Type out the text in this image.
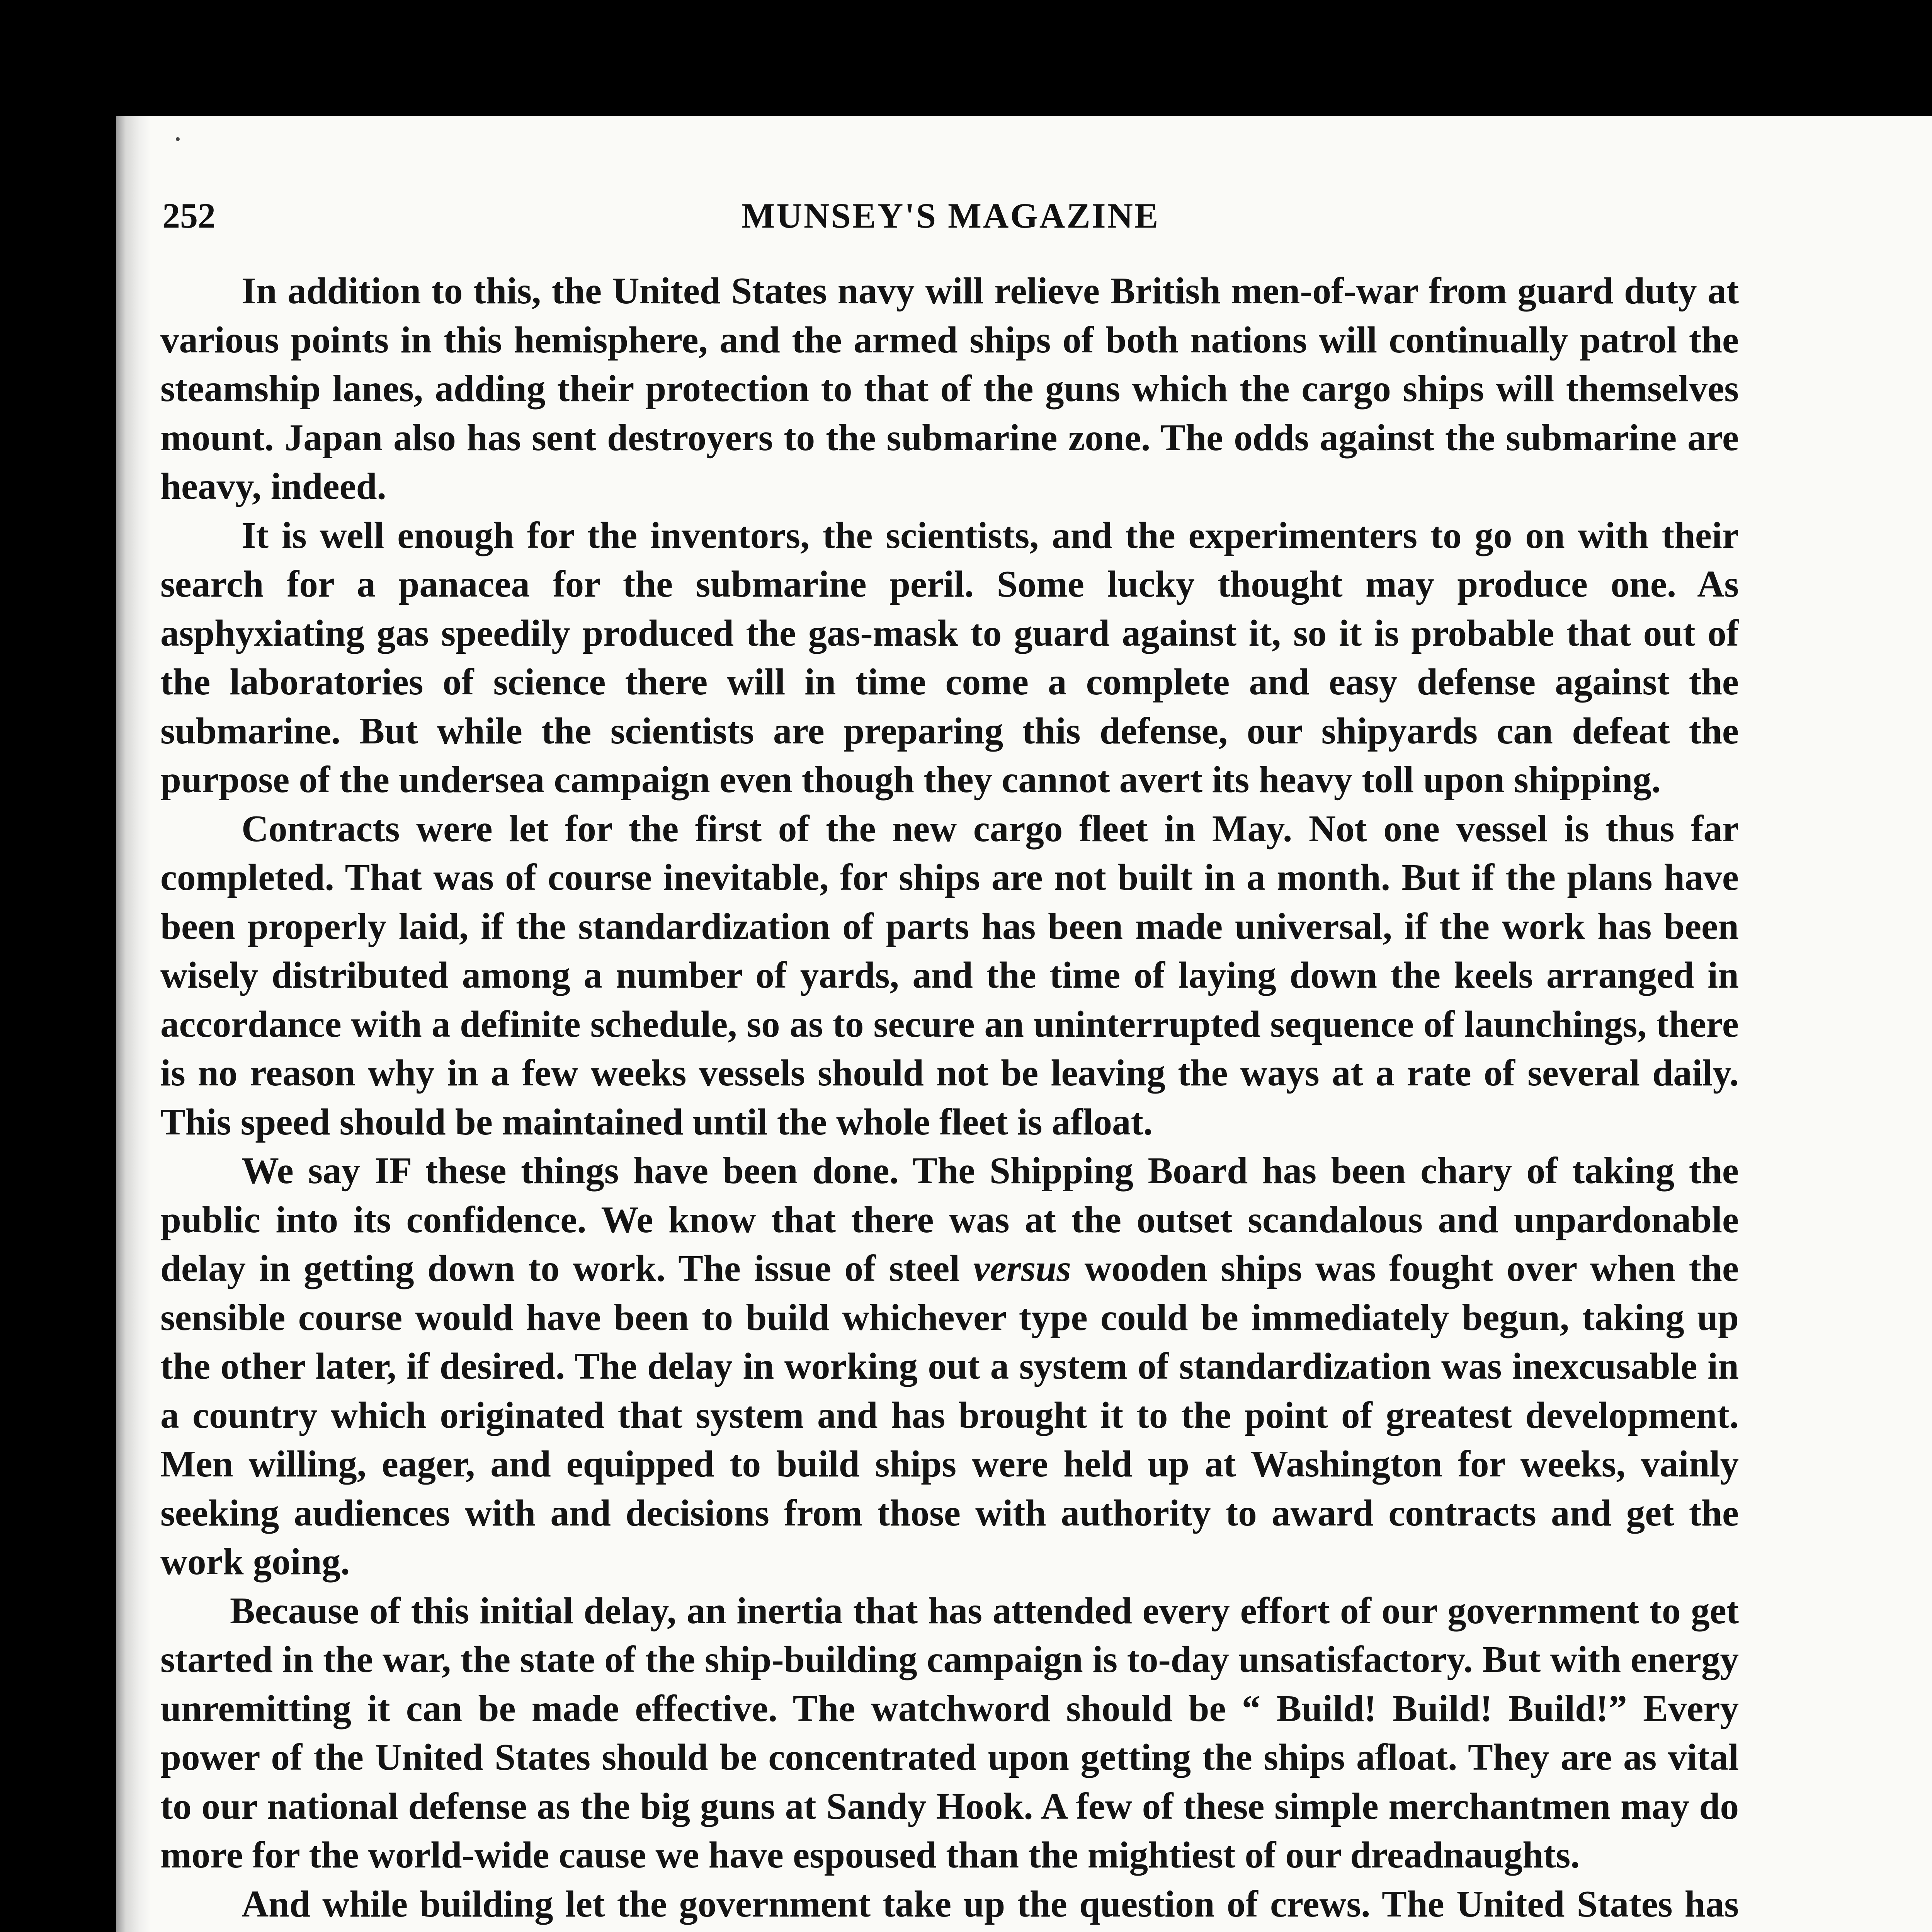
252	MUNSEY'S MAGAZINE

In addition to this, the United States navy will relieve British men-of-war from guard duty at various points in this hemisphere, and the armed ships of both nations will continually patrol the steamship lanes, adding their protection to that of the guns which the cargo ships will themselves mount. Japan also has sent destroyers to the submarine zone. The odds against the submarine are heavy, indeed.

It is well enough for the inventors, the scientists, and the experimenters to go on with their search for a panacea for the submarine peril. Some lucky thought may produce one. As asphyxiating gas speedily produced the gas-mask to guard against it, so it is probable that out of the laboratories of science there will in time come a complete and easy defense against the submarine. But while the scientists are preparing this defense, our shipyards can defeat the purpose of the undersea campaign even though they cannot avert its heavy toll upon shipping.

Contracts were let for the first of the new cargo fleet in May. Not one vessel is thus far completed. That was of course inevitable, for ships are not built in a month. But if the plans have been properly laid, if the standardization of parts has been made universal, if the work has been wisely distributed among a number of yards, and the time of laying down the keels arranged in accordance with a definite schedule, so as to secure an uninterrupted sequence of launchings, there is no reason why in a few weeks vessels should not be leaving the ways at a rate of several daily. This speed should be maintained until the whole fleet is afloat.

We say IF these things have been done. The Shipping Board has been chary of taking the public into its confidence. We know that there was at the outset scandalous and unpardonable delay in getting down to work. The issue of steel versus wooden ships was fought over when the sensible course would have been to build whichever type could be immediately begun, taking up the other later, if desired. The delay in working out a system of standardization was inexcusable in a country which originated that system and has brought it to the point of greatest development. Men willing, eager, and equipped to build ships were held up at Washington for weeks, vainly seeking audiences with and decisions from those with authority to award contracts and get the work going.

Because of this initial delay, an inertia that has attended every effort of our government to get started in the war, the state of the ship-building campaign is to-day unsatisfactory. But with energy unremitting it can be made effective. The watchword should be “ Build! Build! Build!” Every power of the United States should be concentrated upon getting the ships afloat. They are as vital to our national defense as the big guns at Sandy Hook. A few of these simple merchantmen may do more for the world-wide cause we have espoused than the mightiest of our dreadnaughts.

And while building let the government take up the question of crews. The United States has
